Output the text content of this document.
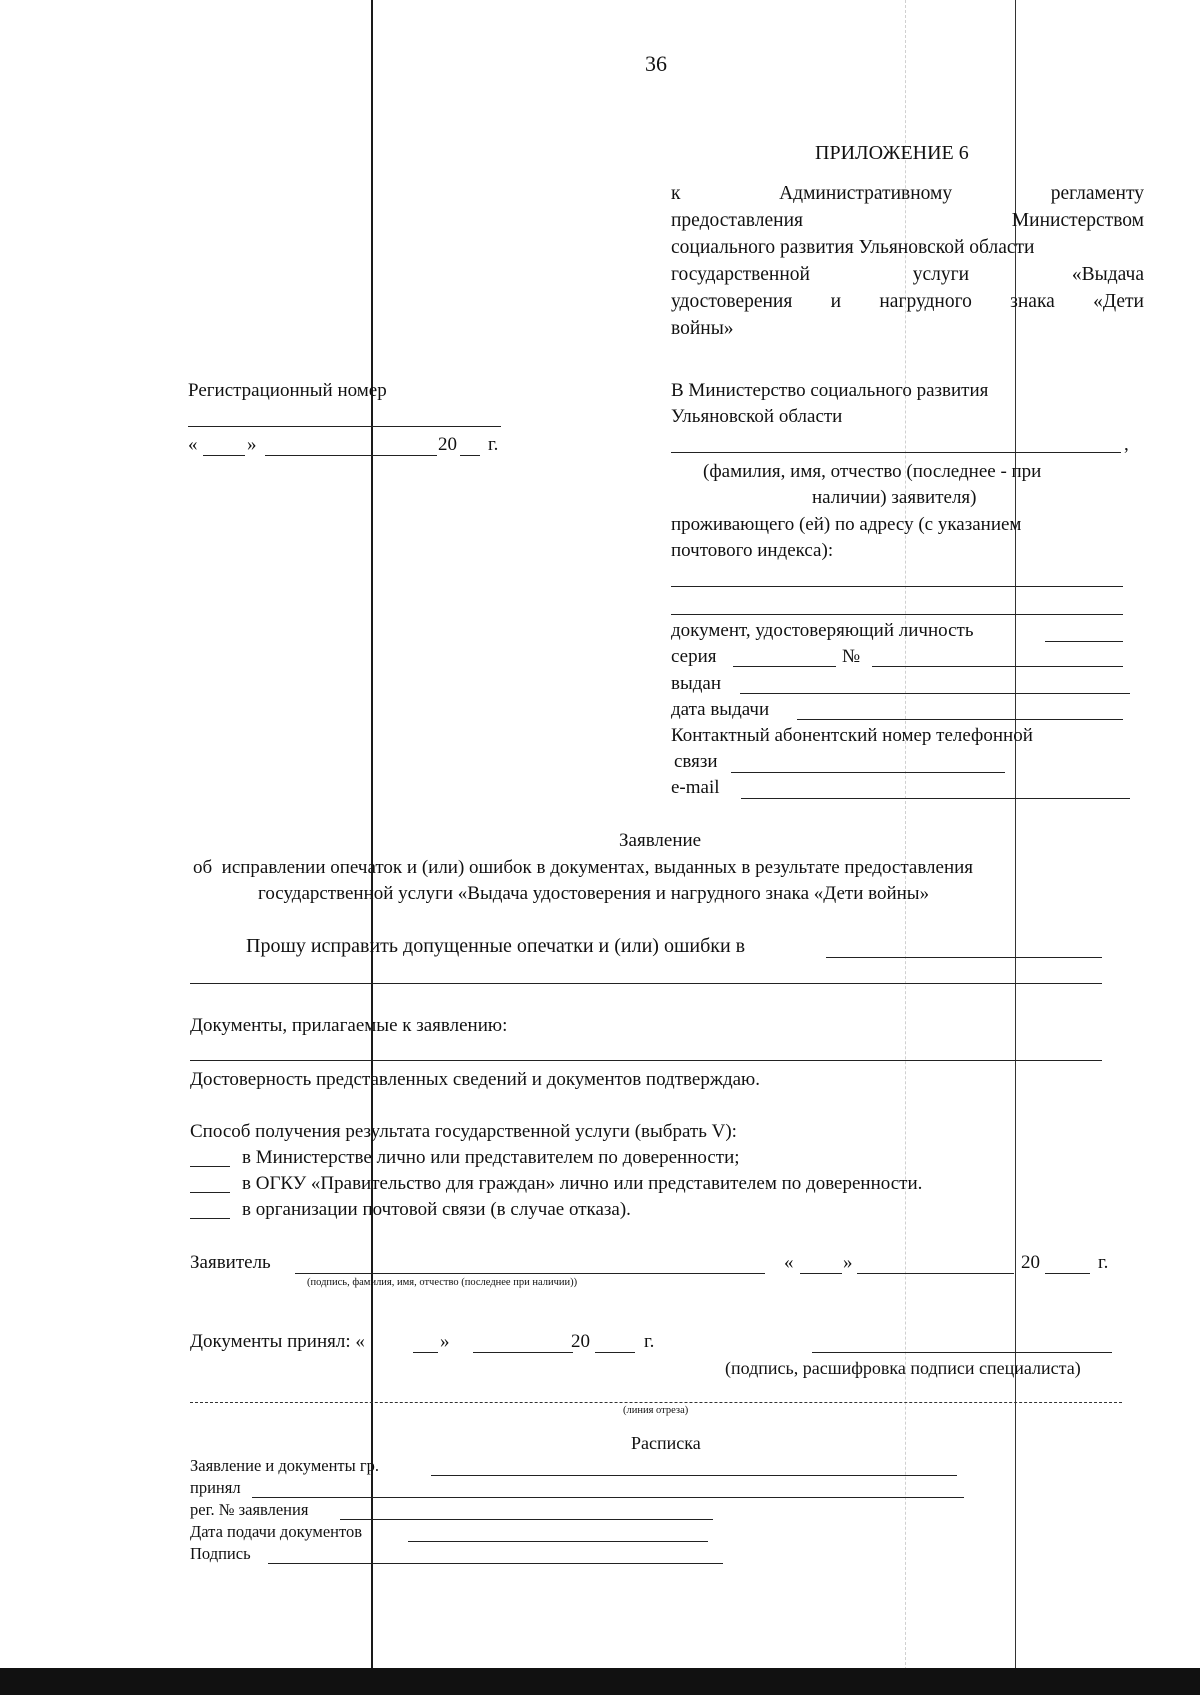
36
ПРИЛОЖЕНИЕ 6
к	Административному	регламенту
предоставления	Министерством
социального развития Ульяновской области
государственной	услуги	«Выдача
удостоверения и нагрудного знака «Дети
войны»
Регистрационный номер
«	»	20 г.
В Министерство социального развития
Ульяновской области
,
(фамилия, имя, отчество (последнее - при
наличии) заявителя)
проживающего (ей) по адресу (с указанием
почтового индекса):
документ, удостоверяющий личность
серия	№
выдан
дата выдачи
Контактный абонентский номер телефонной
связи
e-mail
Заявление
об  исправлении опечаток и (или) ошибок в документах, выданных в результате предоставления
государственной услуги «Выдача удостоверения и нагрудного знака «Дети войны»
Прошу исправить допущенные опечатки и (или) ошибки в
Документы, прилагаемые к заявлению:
Достоверность представленных сведений и документов подтверждаю.
Способ получения результата государственной услуги (выбрать V):
в Министерстве лично или представителем по доверенности;
в ОГКУ «Правительство для граждан» лично или представителем по доверенности.
в организации почтовой связи (в случае отказа).
Заявитель
(подпись, фамилия, имя, отчество (последнее при наличии))
«	»	20	г.
Документы принял: «	»	20	г.
(подпись, расшифровка подписи специалиста)
(линия отреза)
Расписка
Заявление и документы гр.
принял
рег. № заявления
Дата подачи документов
Подпись
